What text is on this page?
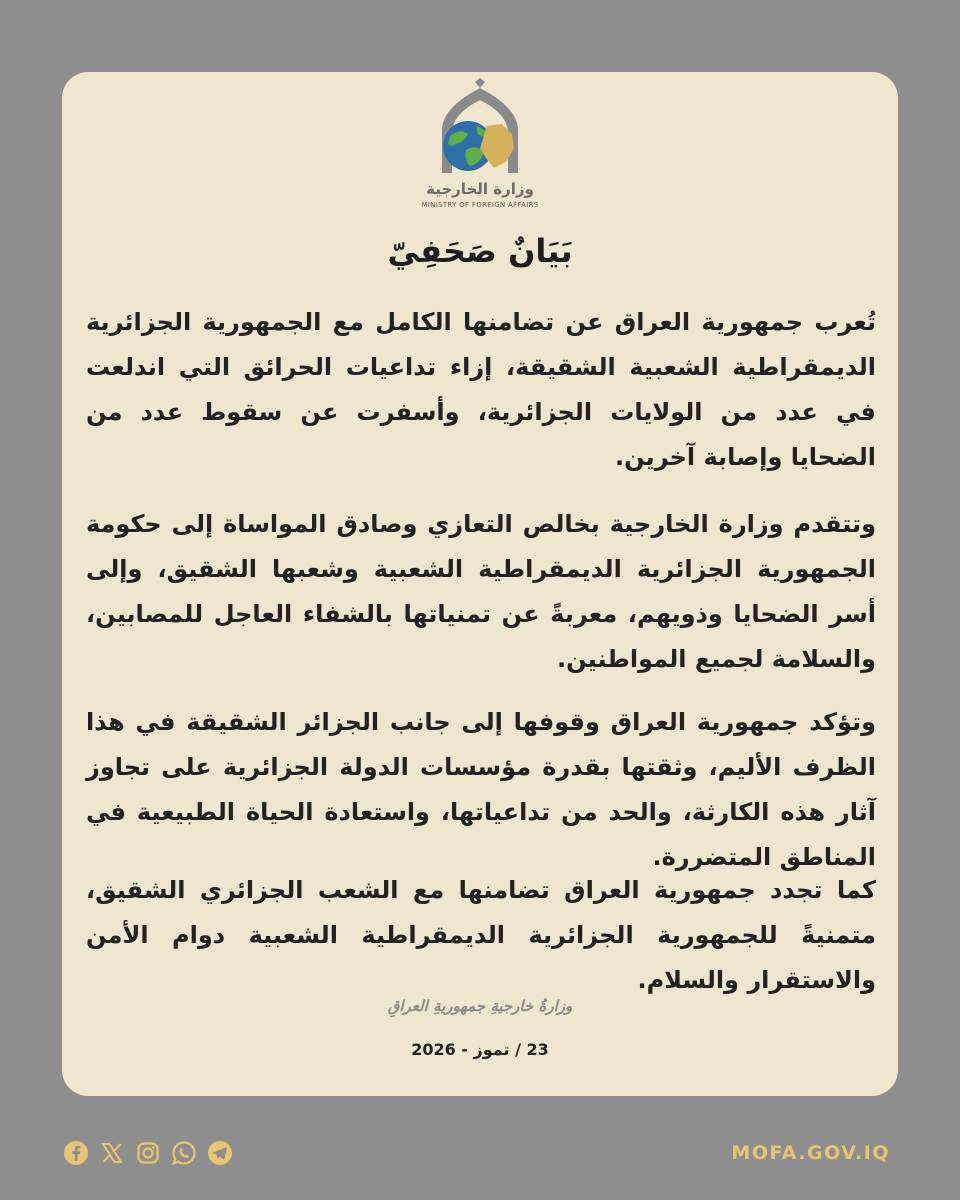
وزارة الخارجية
MINISTRY OF FOREIGN AFFAIRS
بَيَانٌ صَحَفِيّ

تُعرب جمهورية العراق عن تضامنها الكامل مع الجمهورية الجزائرية الديمقراطية الشعبية الشقيقة، إزاء تداعيات الحرائق التي اندلعت في عدد من الولايات الجزائرية، وأسفرت عن سقوط عدد من الضحايا وإصابة آخرين.

وتتقدم وزارة الخارجية بخالص التعازي وصادق المواساة إلى حكومة الجمهورية الجزائرية الديمقراطية الشعبية وشعبها الشقيق، وإلى أسر الضحايا وذويهم، معربةً عن تمنياتها بالشفاء العاجل للمصابين، والسلامة لجميع المواطنين.

وتؤكد جمهورية العراق وقوفها إلى جانب الجزائر الشقيقة في هذا الظرف الأليم، وثقتها بقدرة مؤسسات الدولة الجزائرية على تجاوز آثار هذه الكارثة، والحد من تداعياتها، واستعادة الحياة الطبيعية في المناطق المتضررة.

كما تجدد جمهورية العراق تضامنها مع الشعب الجزائري الشقيق، متمنيةً للجمهورية الجزائرية الديمقراطية الشعبية دوام الأمن والاستقرار والسلام.

وزارةُ خارجيةِ جمهوريةِ العراقِ
23 / تموز - 2026
MOFA.GOV.IQ
